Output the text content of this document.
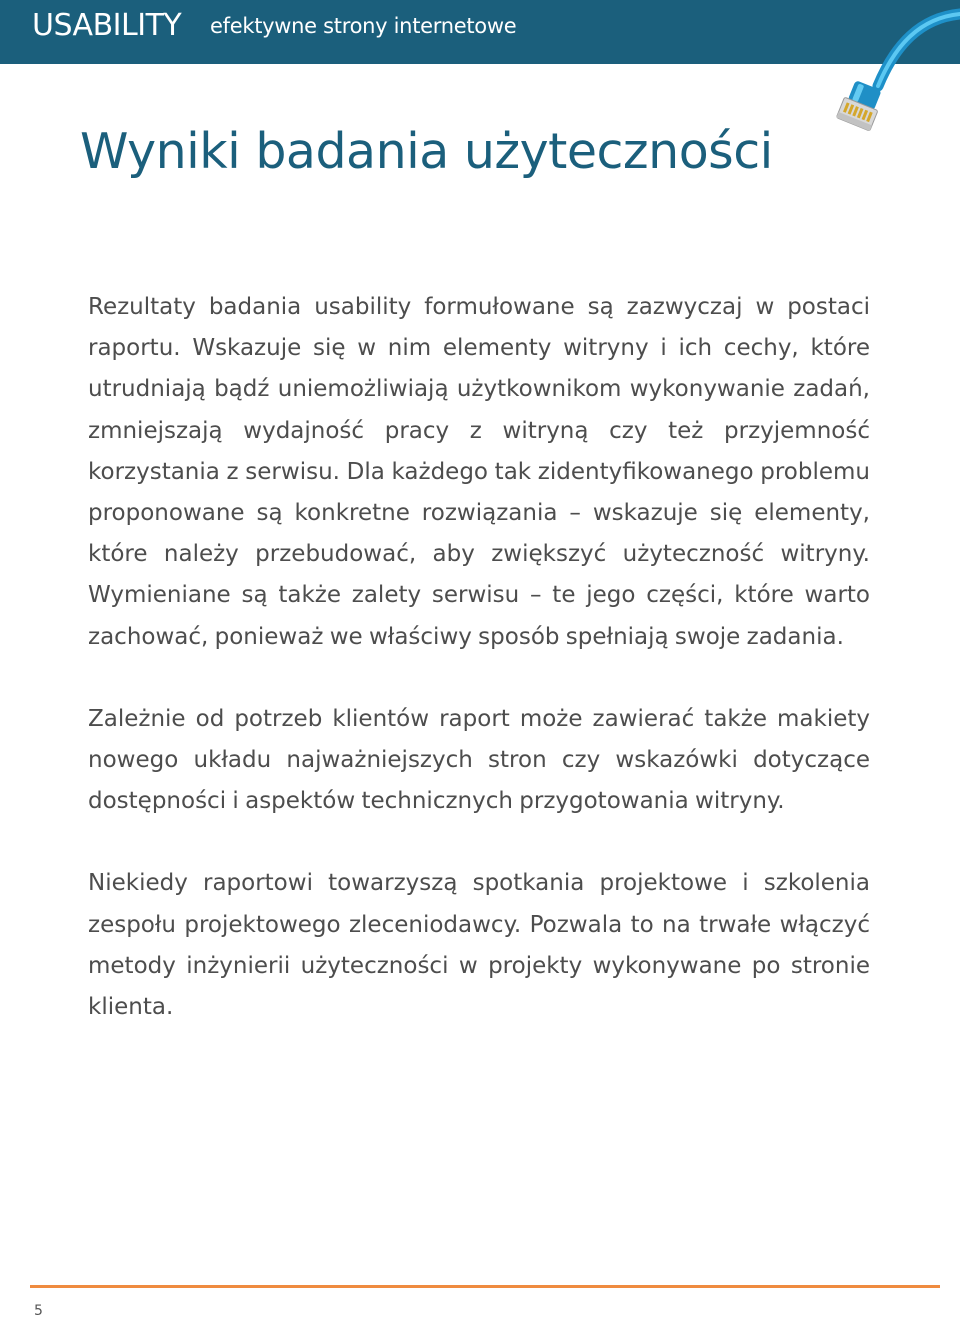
USABILITY efektywne strony internetowe
Wyniki badania użyteczności

Rezultaty badania usability formułowane są zazwyczaj w postaci raportu. Wskazuje się w nim elementy witryny i ich cechy, które utrudniają bądź uniemożliwiają użytkownikom wykonywanie zadań, zmniejszają wydajność pracy z witryną czy też przyjemność korzystania z serwisu. Dla każdego tak zidentyfikowanego problemu proponowane są konkretne rozwiązania – wskazuje się elementy, które należy przebudować, aby zwiększyć użyteczność witryny. Wymieniane są także zalety serwisu – te jego części, które warto zachować, ponieważ we właściwy sposób spełniają swoje zadania.

Zależnie od potrzeb klientów raport może zawierać także makiety nowego układu najważniejszych stron czy wskazówki dotyczące dostępności i aspektów technicznych przygotowania witryny.

Niekiedy raportowi towarzyszą spotkania projektowe i szkolenia zespołu projektowego zleceniodawcy. Pozwala to na trwałe włączyć metody inżynierii użyteczności w projekty wykonywane po stronie klienta.

5
